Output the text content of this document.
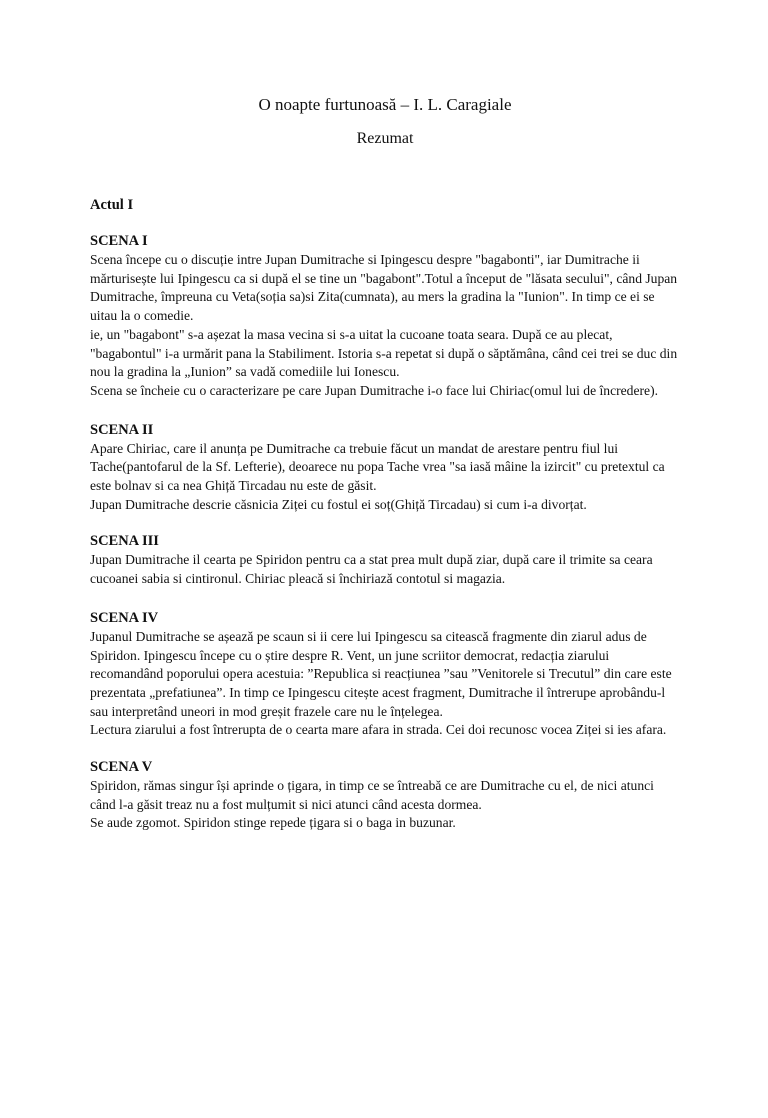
O noapte furtunoasă – I. L. Caragiale
Rezumat
Actul I
SCENA I

Scena începe cu o discuție intre Jupan Dumitrache si Ipingescu despre "bagabonti", iar Dumitrache ii mărturisește lui Ipingescu ca si după el se tine un "bagabont".Totul a început de "lăsata secului", când Jupan Dumitrache, împreuna cu Veta(soția sa)si Zita(cumnata), au mers la gradina la "Iunion". In timp ce ei se uitau la o comedie.

ie, un "bagabont" s-a așezat la masa vecina si s-a uitat la cucoane toata seara. După ce au plecat, "bagabontul" i-a urmărit pana la Stabiliment. Istoria s-a repetat si după o săptămâna, când cei trei se duc din nou la gradina la „Iunion” sa vadă comediile lui Ionescu.

Scena se încheie cu o caracterizare pe care Jupan Dumitrache i-o face lui Chiriac(omul lui de încredere).

SCENA II

Apare Chiriac, care il anunța pe Dumitrache ca trebuie făcut un mandat de arestare pentru fiul lui Tache(pantofarul de la Sf. Lefterie), deoarece nu popa Tache vrea "sa iasă mâine la izircit" cu pretextul ca este bolnav si ca nea Ghiță Tircadau nu este de găsit.

Jupan Dumitrache descrie căsnicia Ziței cu fostul ei soț(Ghiță Tircadau) si cum i-a divorțat.

SCENA III

Jupan Dumitrache il cearta pe Spiridon pentru ca a stat prea mult după ziar, după care il trimite sa ceara cucoanei sabia si cintironul. Chiriac pleacă si închiriază contotul si magazia.

SCENA IV

Jupanul Dumitrache se așează pe scaun si ii cere lui Ipingescu sa citească fragmente din ziarul adus de Spiridon. Ipingescu începe cu o știre despre R. Vent, un june scriitor democrat, redacția ziarului recomandând poporului opera acestuia: ”Republica si reacțiunea ”sau ”Venitorele si Trecutul” din care este prezentata „prefatiunea”. In timp ce Ipingescu citește acest fragment, Dumitrache il întrerupe aprobându-l sau interpretând uneori in mod greșit frazele care nu le înțelegea.

Lectura ziarului a fost întrerupta de o cearta mare afara in strada. Cei doi recunosc vocea Ziței si ies afara.

SCENA V

Spiridon, rămas singur își aprinde o țigara, in timp ce se întreabă ce are Dumitrache cu el, de nici atunci când l-a găsit treaz nu a fost mulțumit si nici atunci când acesta dormea.

Se aude zgomot. Spiridon stinge repede țigara si o baga in buzunar.
